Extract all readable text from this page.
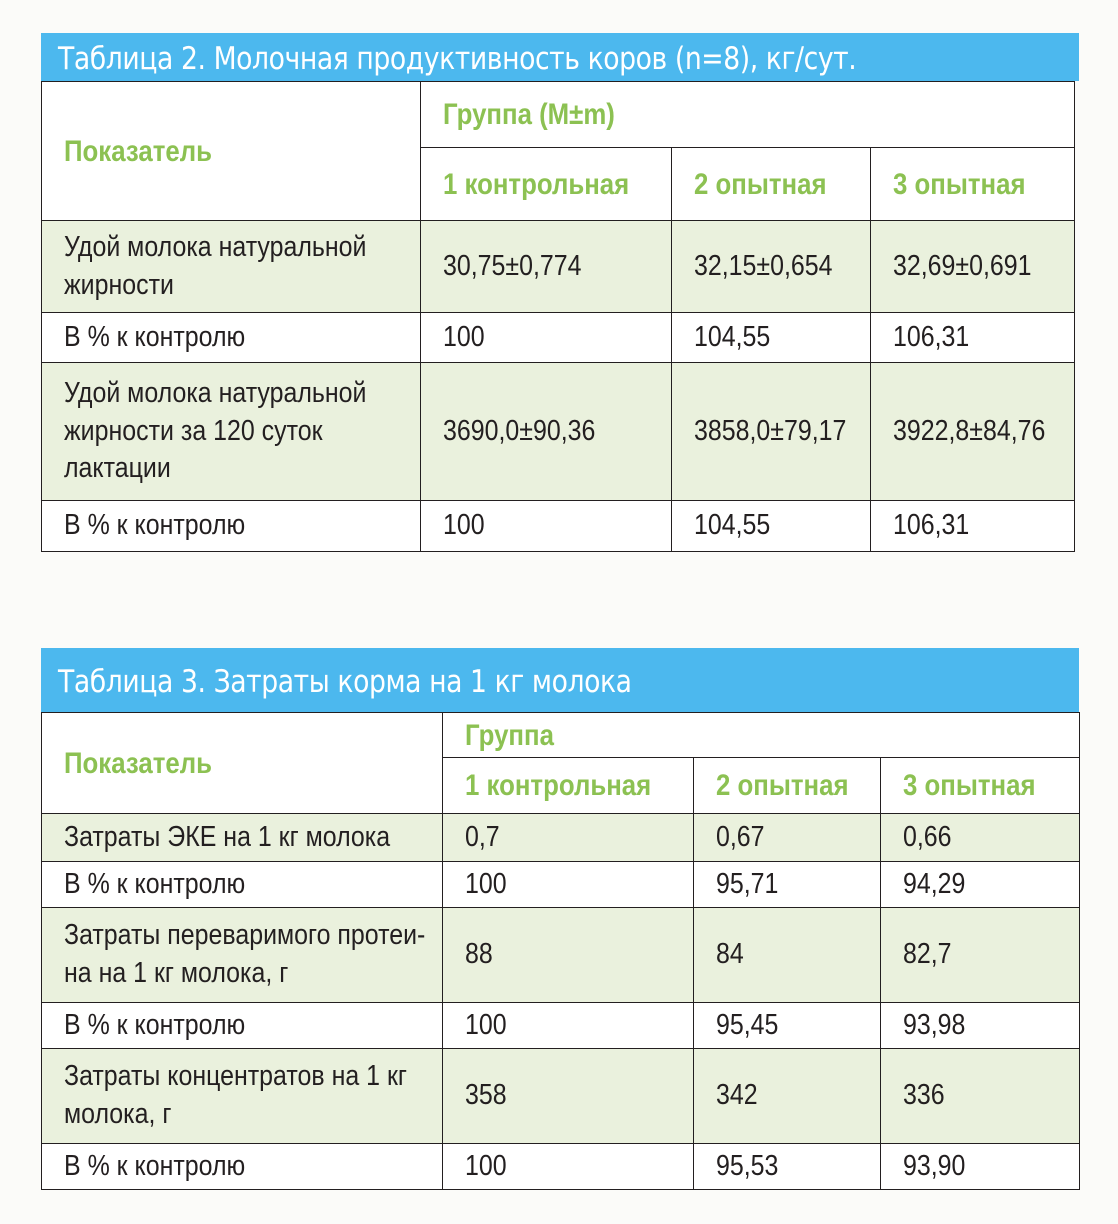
Таблица 2. Молочная продуктивность коров (n=8), кг/сут.
Показатель	Группа (М±m)		
	1 контрольная	2 опытная	3 опытная

Удой молока натуральной жирности	30,75±0,774	32,15±0,654	32,69±0,691
В % к контролю	100	104,55	106,31

Удой молока натуральной жирности за 120 суток лактации	3690,0±90,36	3858,0±79,17	3922,8±84,76
В % к контролю	100	104,55	106,31
Таблица 3. Затраты корма на 1 кг молока
Показатель	Группа		
	1 контрольная	2 опытная	3 опытная
Затраты ЭКЕ на 1 кг молока	0,7	0,67	0,66
В % к контролю	100	95,71	94,29

Затраты переваримого протеи- на на 1 кг молока, г	88	84	82,7
В % к контролю	100	95,45	93,98

Затраты концентратов на 1 кг молока, г	358	342	336
В % к контролю	100	95,53	93,90
